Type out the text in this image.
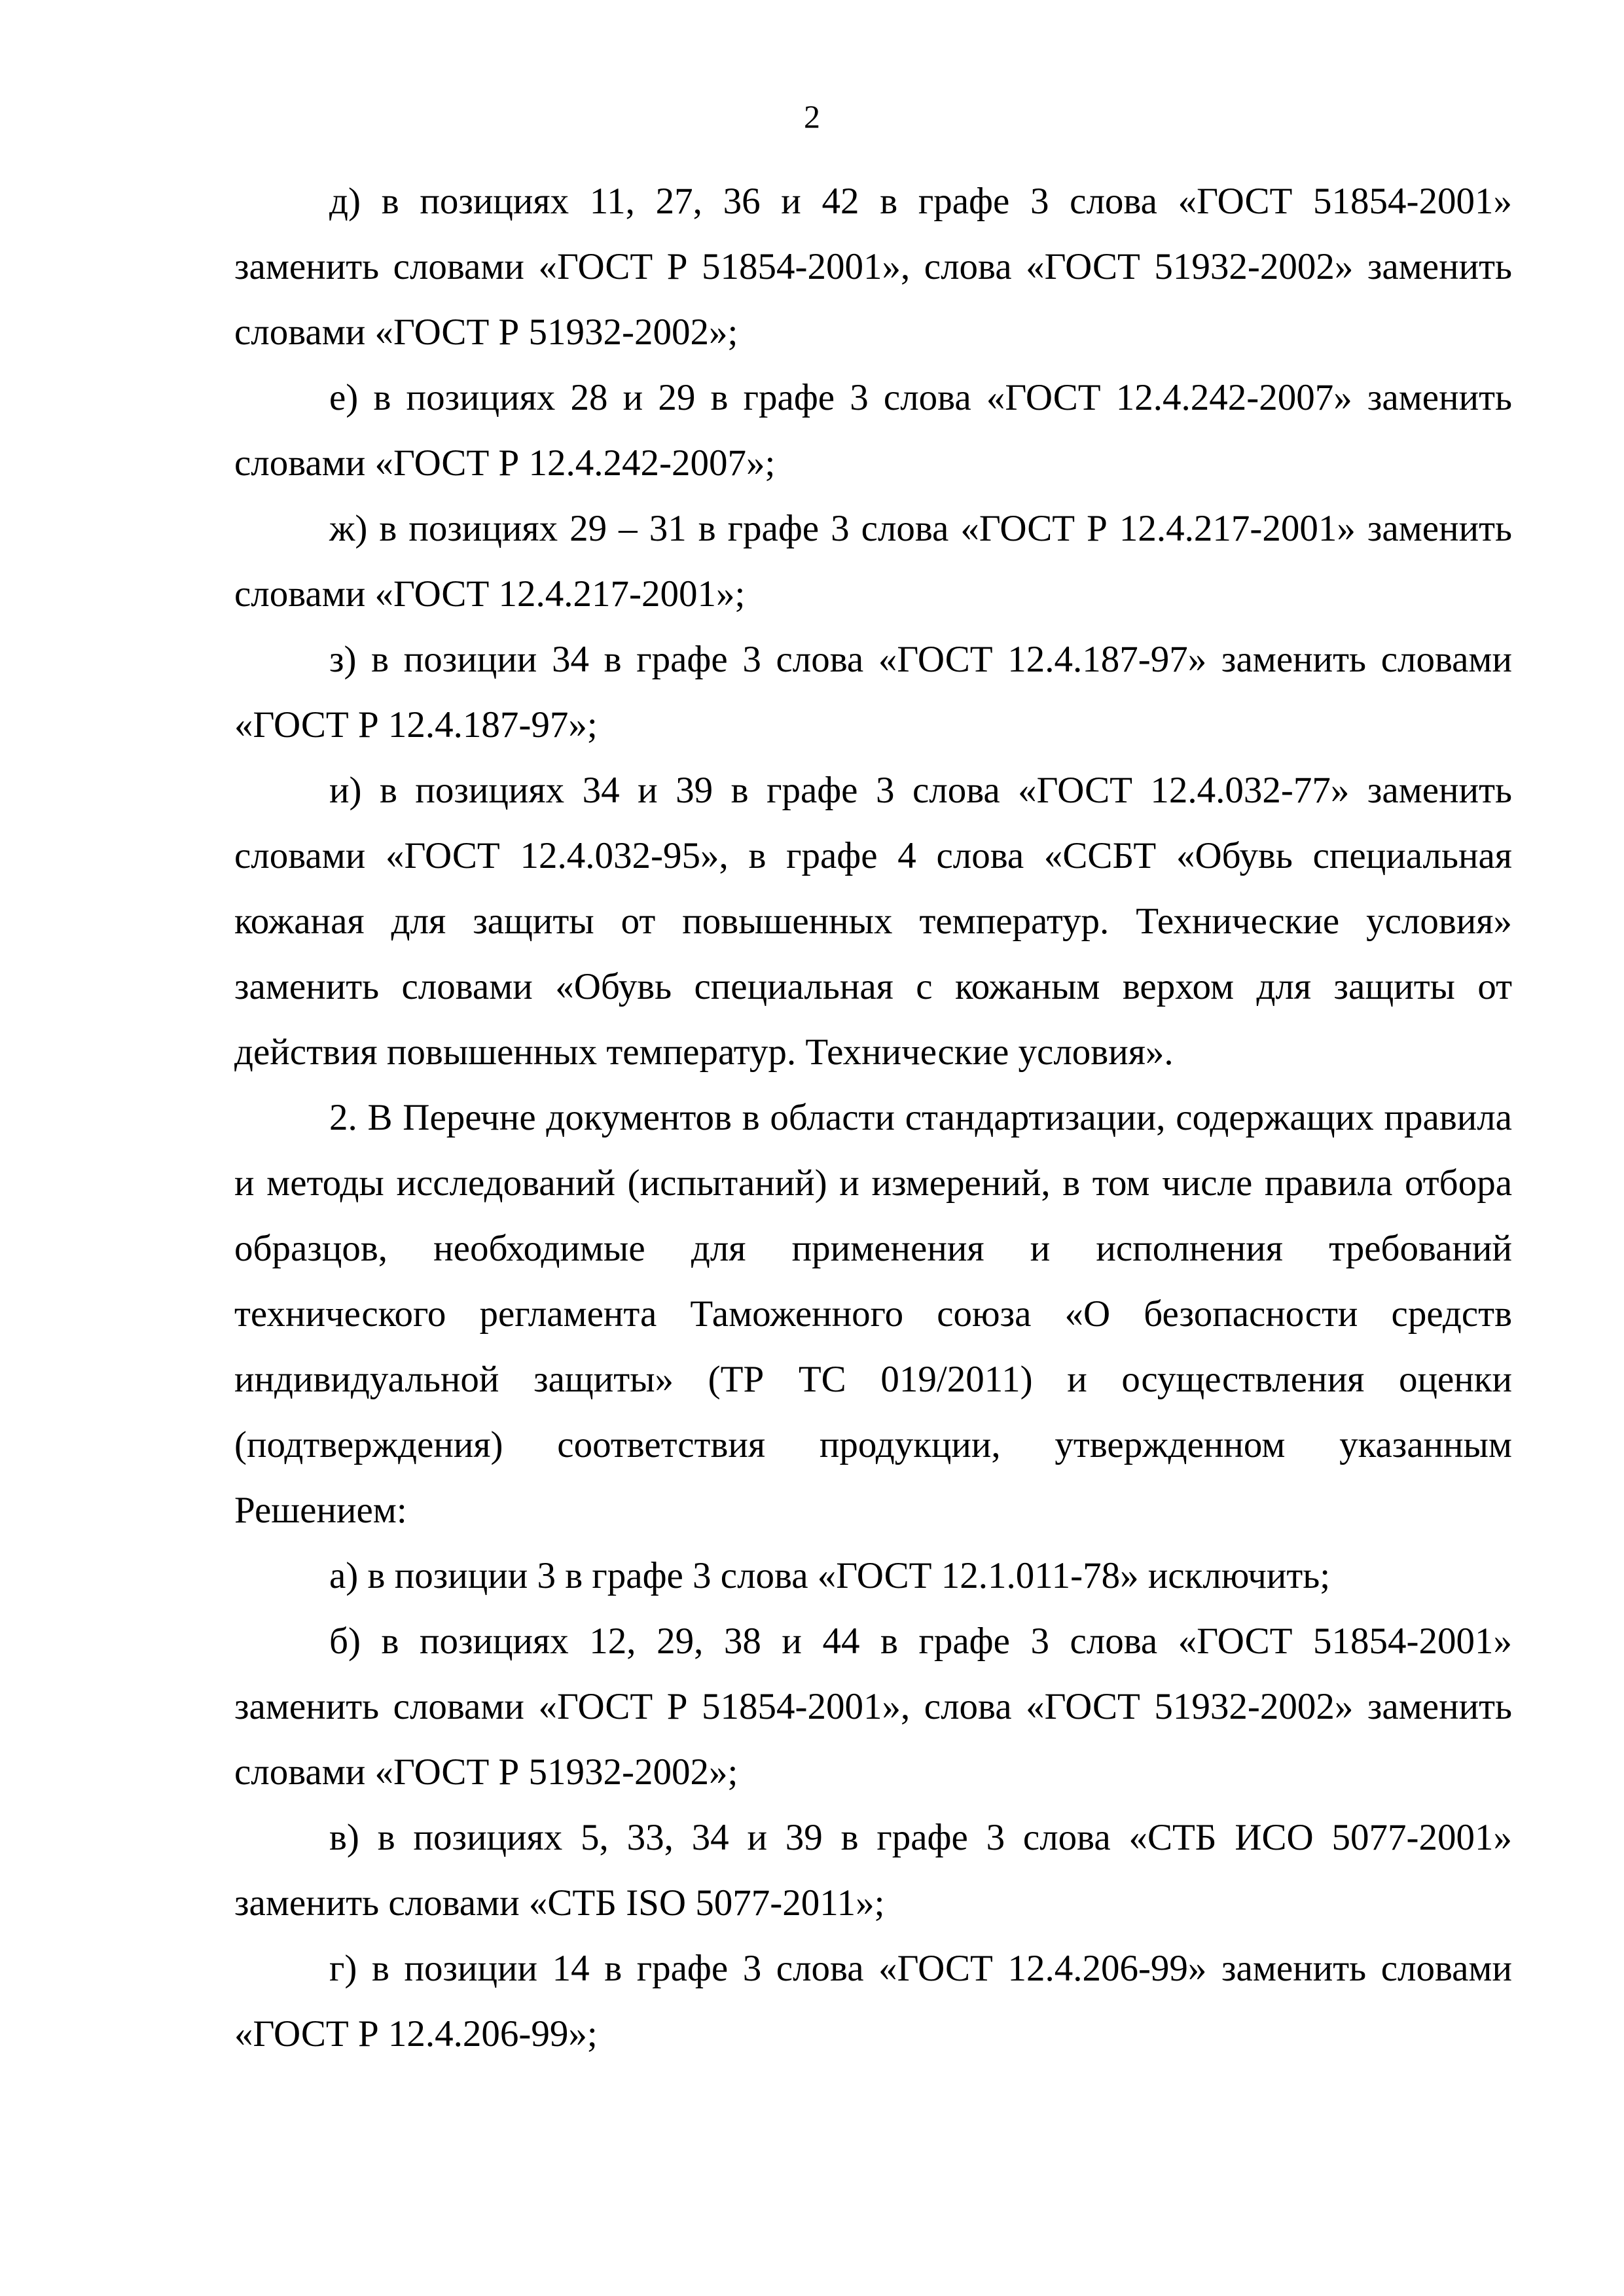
2

д) в позициях 11, 27, 36 и 42 в графе 3 слова «ГОСТ 51854-2001» заменить словами «ГОСТ Р 51854-2001», слова «ГОСТ 51932-2002» заменить словами «ГОСТ Р 51932-2002»;

е) в позициях 28 и 29 в графе 3 слова «ГОСТ 12.4.242-2007» заменить словами «ГОСТ Р 12.4.242-2007»;

ж) в позициях 29 – 31 в графе 3 слова «ГОСТ Р 12.4.217-2001» заменить словами «ГОСТ 12.4.217-2001»;

з) в позиции 34 в графе 3 слова «ГОСТ 12.4.187-97» заменить словами «ГОСТ Р 12.4.187-97»;

и) в позициях 34 и 39 в графе 3 слова «ГОСТ 12.4.032-77» заменить словами «ГОСТ 12.4.032-95», в графе 4 слова «ССБТ «Обувь специальная кожаная для защиты от повышенных температур. Технические условия» заменить словами «Обувь специальная с кожаным верхом для защиты от действия повышенных температур. Технические условия».

2. В Перечне документов в области стандартизации, содержащих правила и методы исследований (испытаний) и измерений, в том числе правила отбора образцов, необходимые для применения и исполнения требований технического регламента Таможенного союза «О безопасности средств индивидуальной защиты» (ТР ТС 019/2011) и осуществления оценки (подтверждения) соответствия продукции, утвержденном указанным Решением:

а) в позиции 3 в графе 3 слова «ГОСТ 12.1.011-78» исключить;

б) в позициях 12, 29, 38 и 44 в графе 3 слова «ГОСТ 51854-2001» заменить словами «ГОСТ Р 51854-2001», слова «ГОСТ 51932-2002» заменить словами «ГОСТ Р 51932-2002»;

в) в позициях 5, 33, 34 и 39 в графе 3 слова «СТБ ИСО 5077-2001» заменить словами «СТБ ISO 5077-2011»;

г) в позиции 14 в графе 3 слова «ГОСТ 12.4.206-99» заменить словами «ГОСТ Р 12.4.206-99»;
